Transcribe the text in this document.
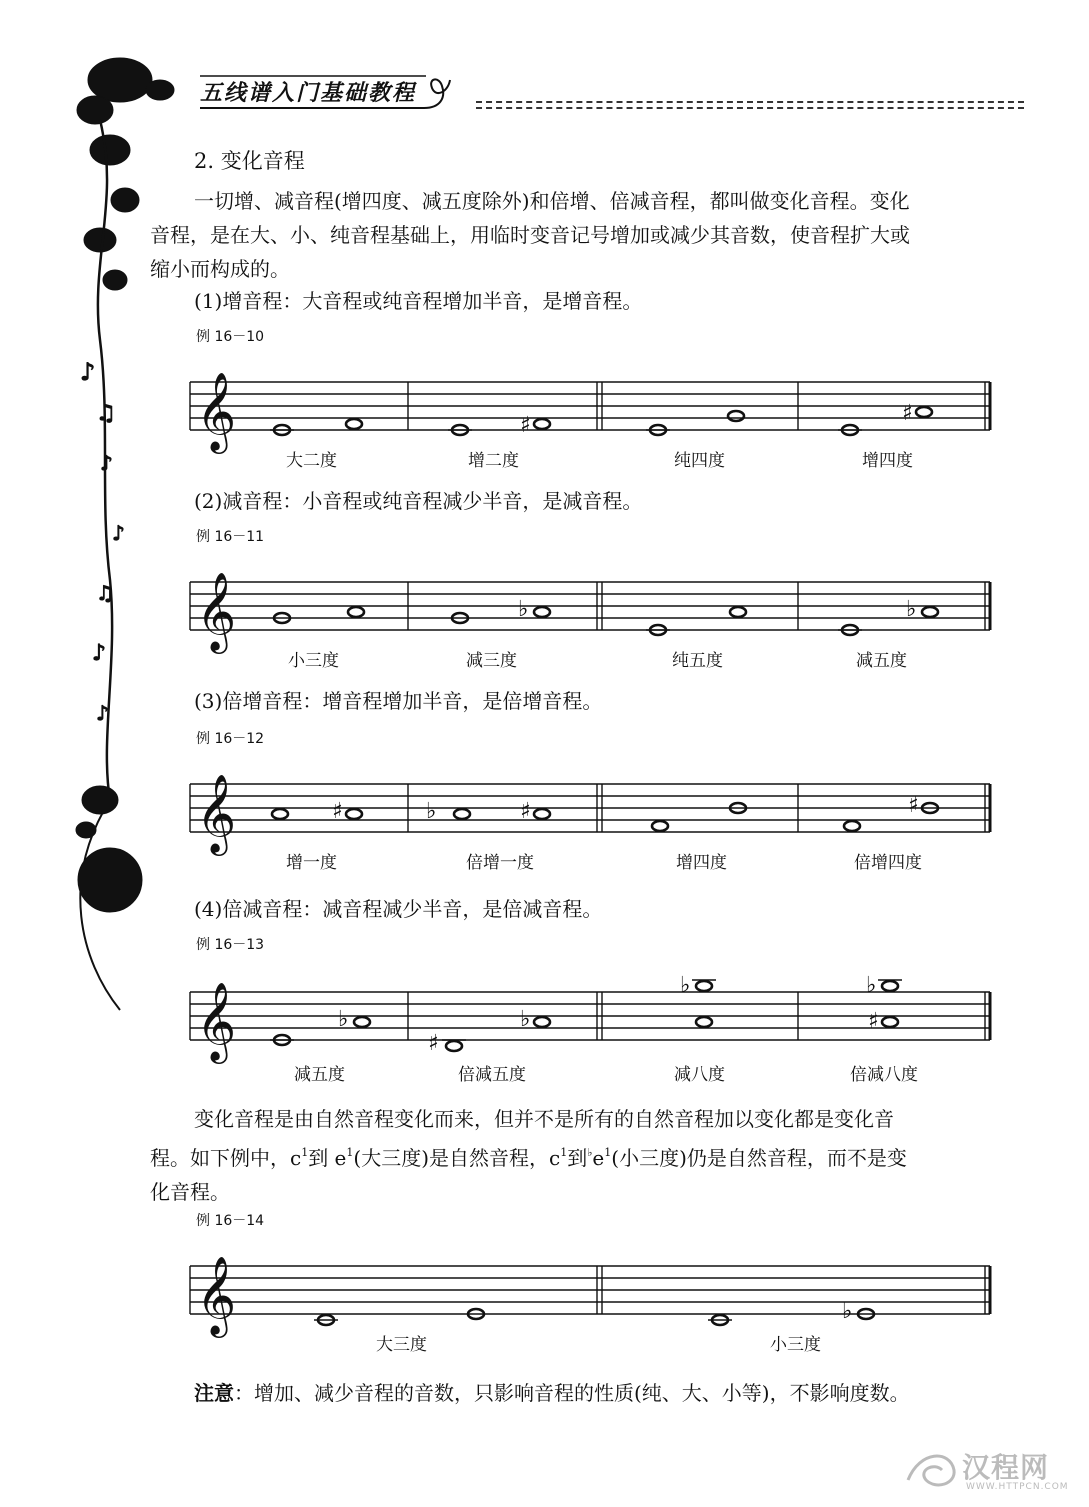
♪
♫
♪
♪
♫
♪
♪
五线谱入门基础教程
2. 变化音程
一切增、减音程(增四度、减五度除外)和倍增、倍减音程，都叫做变化音程。变化
音程，是在大、小、纯音程基础上，用临时变音记号增加或减少其音数，使音程扩大或
缩小而构成的。
(1)增音程：大音程或纯音程增加半音，是增音程。
例 16－10
𝄞	♯	♯
大二度	增二度	纯四度	增四度
(2)减音程：小音程或纯音程减少半音，是减音程。
例 16－11
𝄞	♭	♭
小三度	减三度	纯五度	减五度
(3)倍增音程：增音程增加半音，是倍增音程。
例 16－12
𝄞	♯	♭	♯	♯
增一度	倍增一度	增四度	倍增四度
(4)倍减音程：减音程减少半音，是倍减音程。
例 16－13
𝄞	♭
♯
♭
♭	♭
♯
减五度	倍减五度	减八度	倍减八度
变化音程是由自然音程变化而来，但并不是所有的自然音程加以变化都是变化音
程。如下例中，$c^1$到 $e^1$(大三度)是自然音程，$c^1$到$^♭e^1$(小三度)仍是自然音程，而不是变
化音程。
例 16－14
𝄞	♭
大三度	小三度
注意：增加、减少音程的音数，只影响音程的性质(纯、大、小等)，不影响度数。
汉程网
WWW.HTTPCN.COM
